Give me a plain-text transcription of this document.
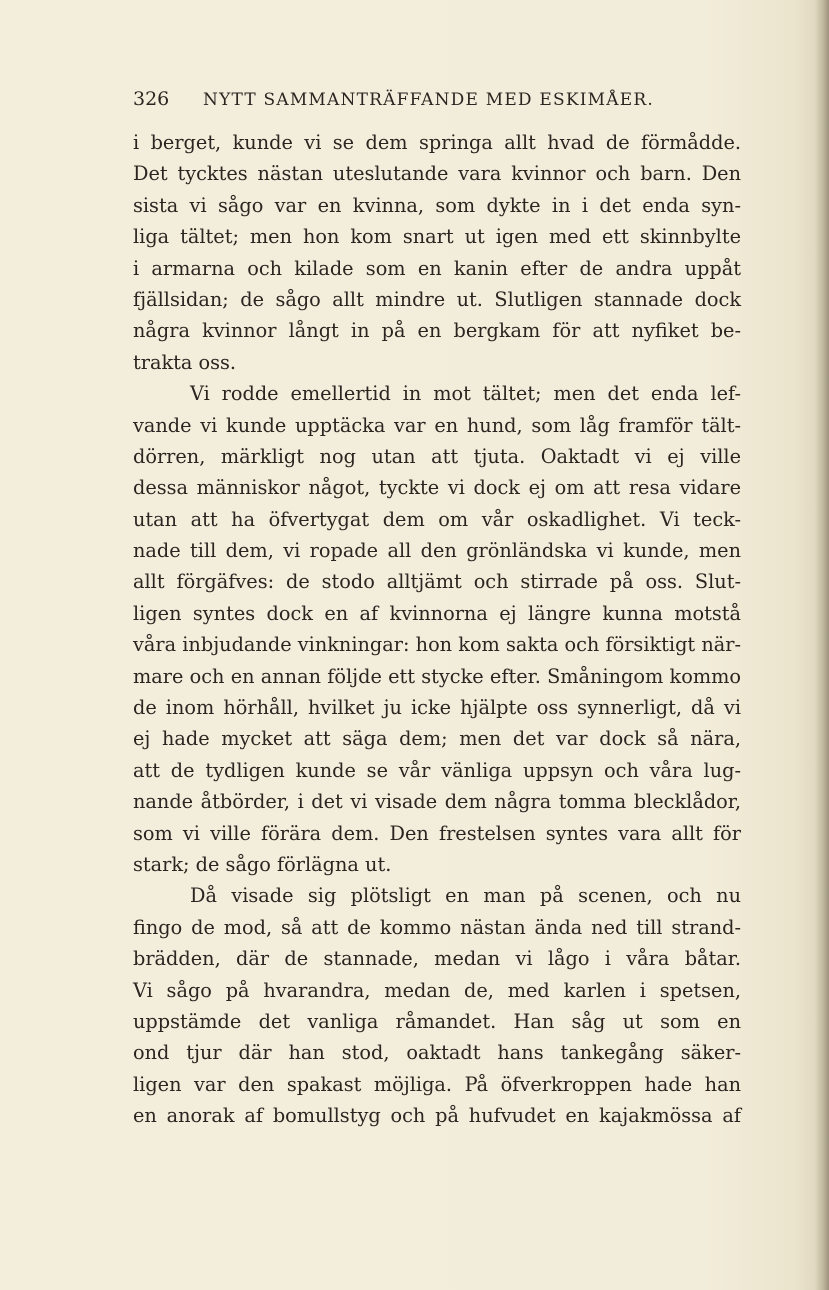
326 NYTT SAMMANTRÄFFANDE MED ESKIMÅER.
i berget, kunde vi se dem springa allt hvad de förmådde.
Det tycktes nästan uteslutande vara kvinnor och barn. Den
sista vi sågo var en kvinna, som dykte in i det enda syn-
liga tältet; men hon kom snart ut igen med ett skinnbylte
i armarna och kilade som en kanin efter de andra uppåt
fjällsidan; de sågo allt mindre ut. Slutligen stannade dock
några kvinnor långt in på en bergkam för att nyfiket be-
trakta oss.
Vi rodde emellertid in mot tältet; men det enda lef-
vande vi kunde upptäcka var en hund, som låg framför tält-
dörren, märkligt nog utan att tjuta. Oaktadt vi ej ville
dessa människor något, tyckte vi dock ej om att resa vidare
utan att ha öfvertygat dem om vår oskadlighet. Vi teck-
nade till dem, vi ropade all den grönländska vi kunde, men
allt förgäfves: de stodo alltjämt och stirrade på oss. Slut-
ligen syntes dock en af kvinnorna ej längre kunna motstå
våra inbjudande vinkningar: hon kom sakta och försiktigt när-
mare och en annan följde ett stycke efter. Småningom kommo
de inom hörhåll, hvilket ju icke hjälpte oss synnerligt, då vi
ej hade mycket att säga dem; men det var dock så nära,
att de tydligen kunde se vår vänliga uppsyn och våra lug-
nande åtbörder, i det vi visade dem några tomma blecklådor,
som vi ville förära dem. Den frestelsen syntes vara allt för
stark; de sågo förlägna ut.
Då visade sig plötsligt en man på scenen, och nu
fingo de mod, så att de kommo nästan ända ned till strand-
brädden, där de stannade, medan vi lågo i våra båtar.
Vi sågo på hvarandra, medan de, med karlen i spetsen,
uppstämde det vanliga råmandet. Han såg ut som en
ond tjur där han stod, oaktadt hans tankegång säker-
ligen var den spakast möjliga. På öfverkroppen hade han
en anorak af bomullstyg och på hufvudet en kajakmössa af
